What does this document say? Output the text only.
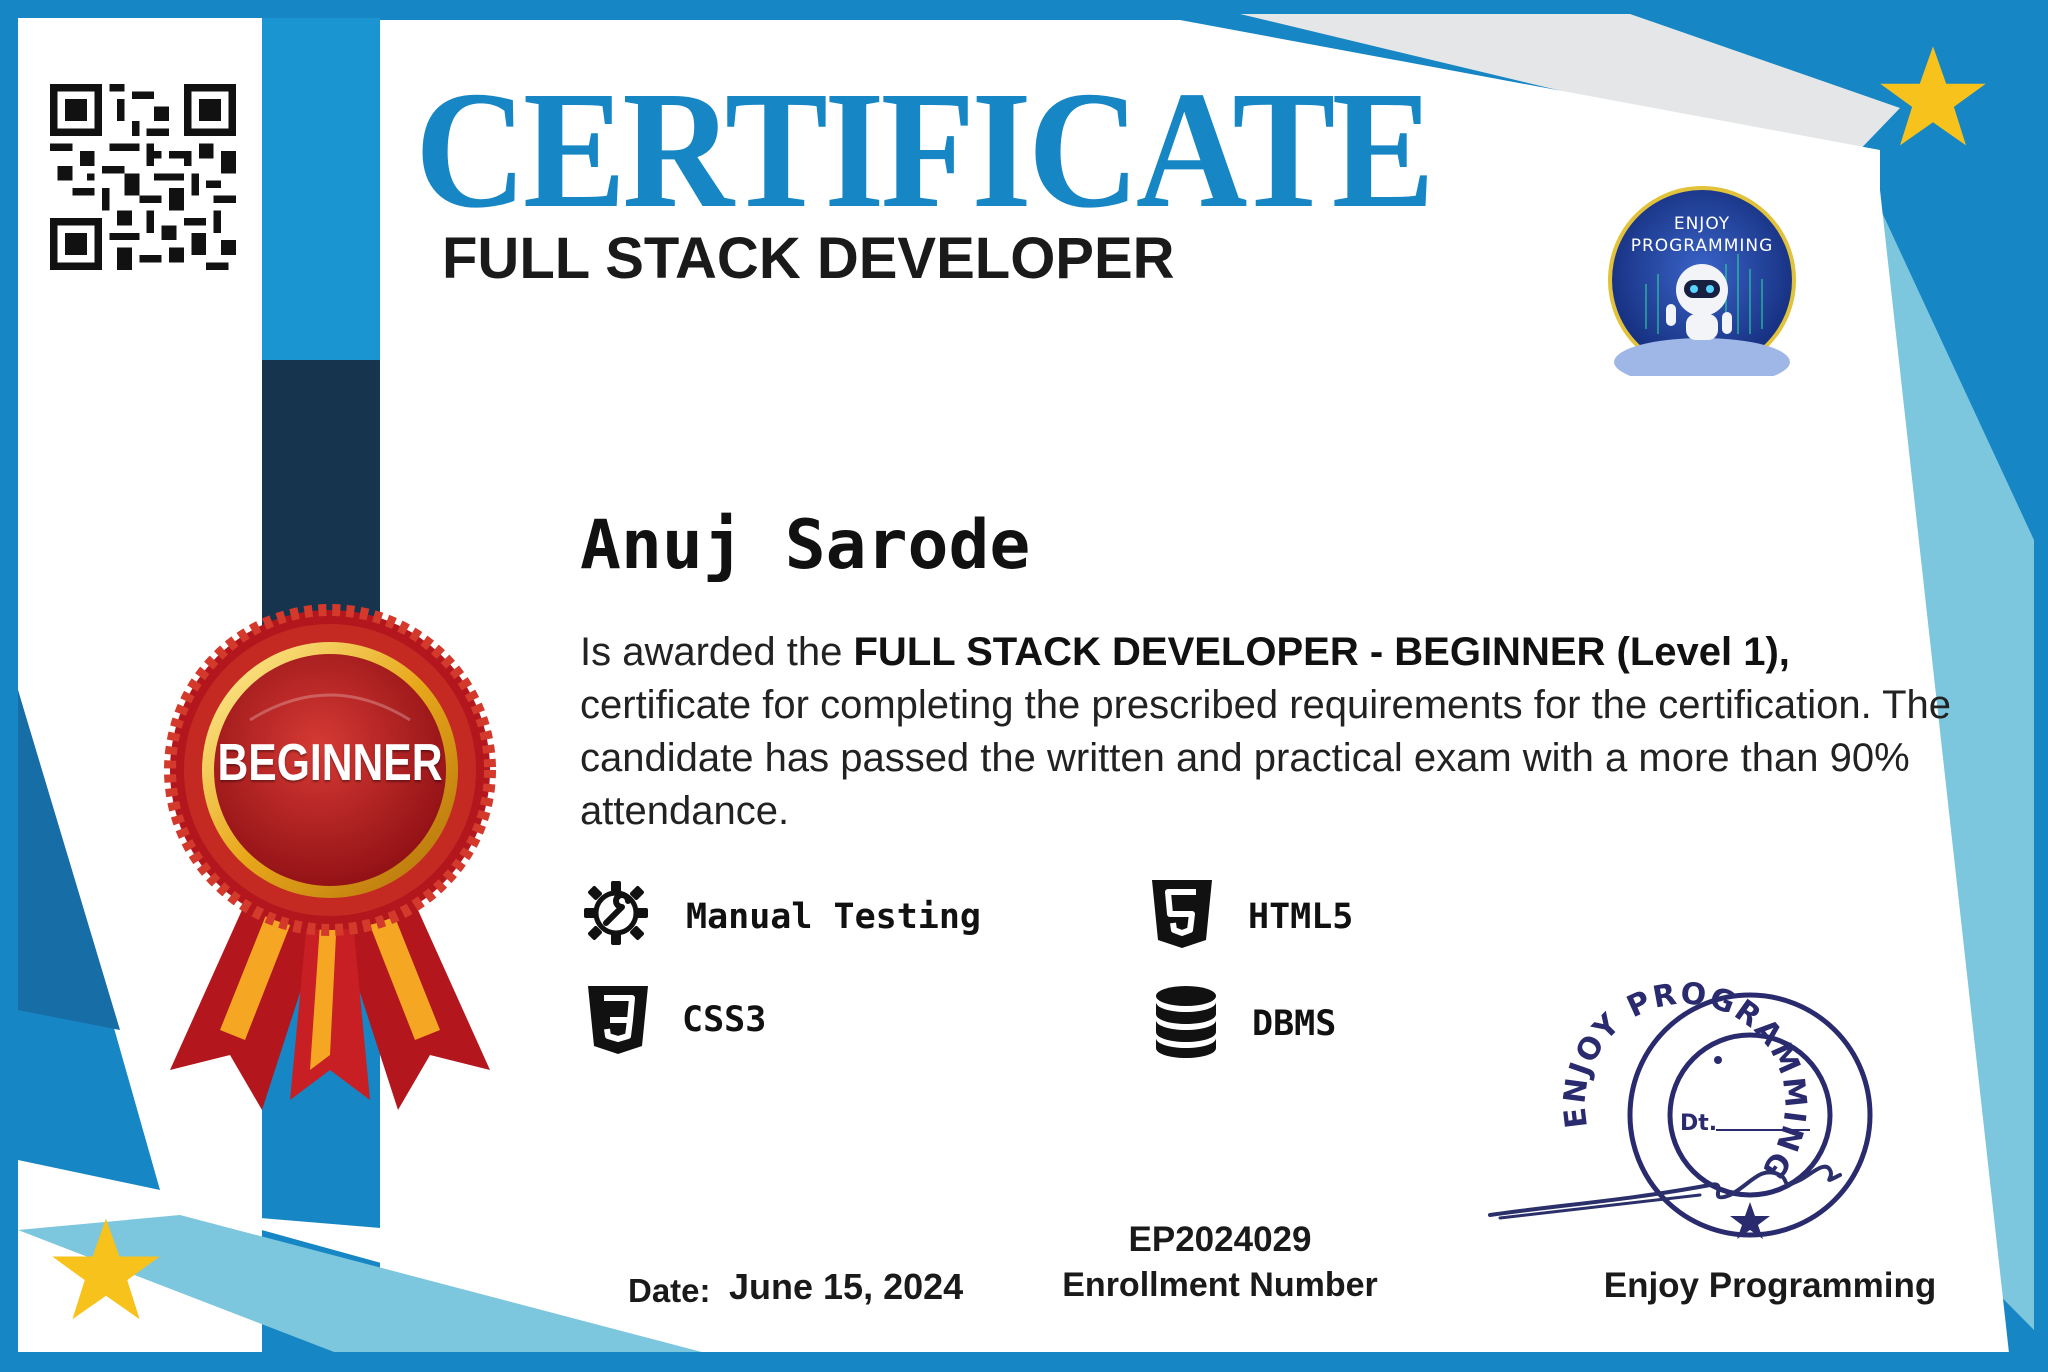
CERTIFICATE
FULL STACK DEVELOPER
ENJOY
PROGRAMMING
BEGINNER
Anuj Sarode

Is awarded the FULL STACK DEVELOPER - BEGINNER (Level 1), certificate for completing the prescribed requirements for the certification. The candidate has passed the written and practical exam with a more than 90% attendance.

Manual Testing	HTML5
CSS3	DBMS
ENJOY PROGRAMMING
Dt.
EP2024029
Enrollment Number
Date: June 15, 2024	Enjoy Programming
